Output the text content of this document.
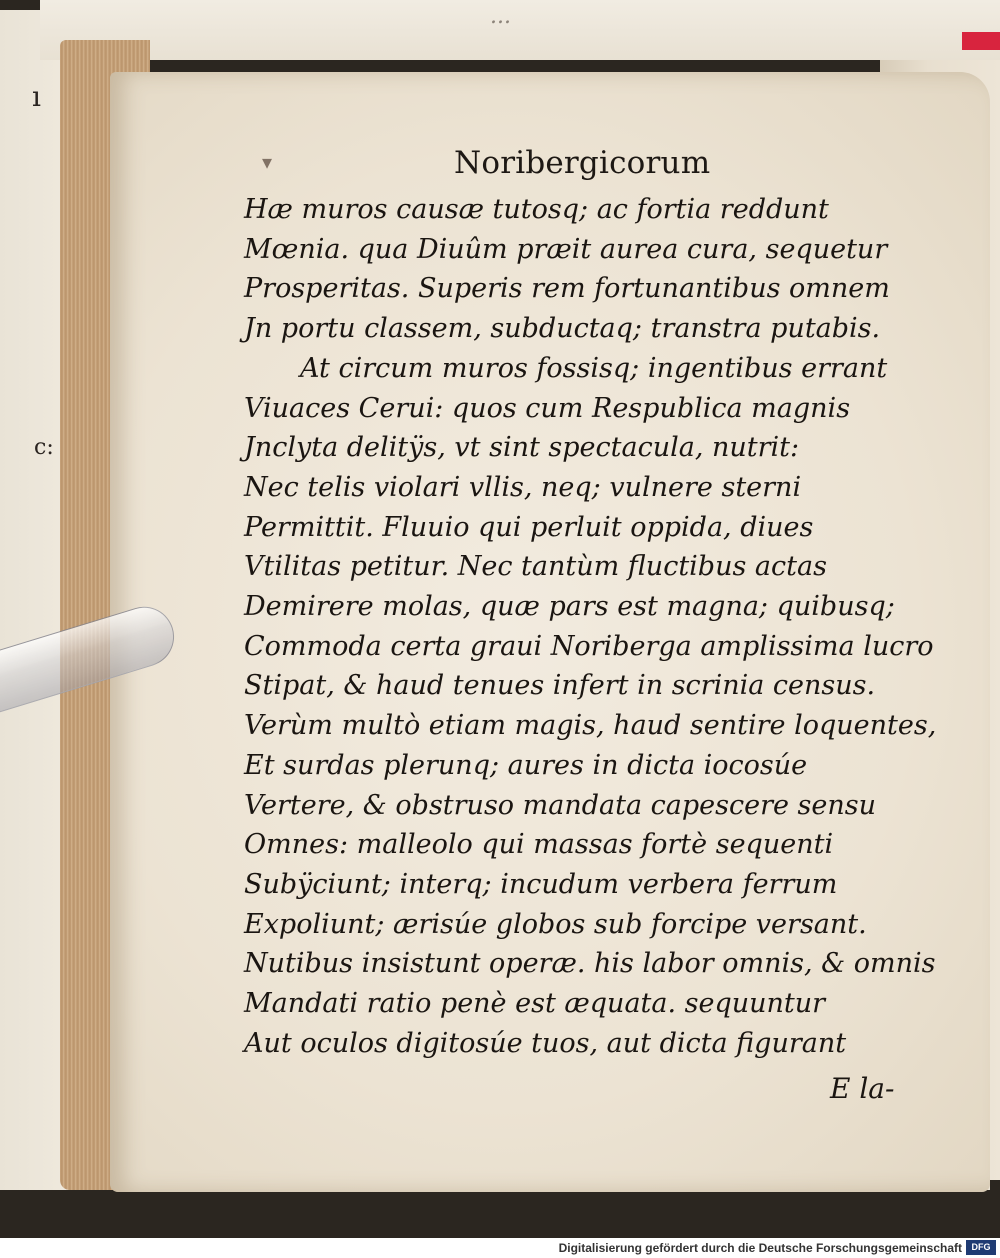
ı
c:
...
▾	Noribergicorum
Hæ muros causæ tutosq; ac fortia reddunt
Mœnia. qua Diuûm præit aurea cura, sequetur
Prosperitas. Superis rem fortunantibus omnem
Jn portu classem, subductaq; transtra putabis.
At circum muros fossisq; ingentibus errant
Viuaces Cerui: quos cum Respublica magnis
Jnclyta delitÿs, vt sint spectacula, nutrit:
Nec telis violari vllis, neq; vulnere sterni
Permittit. Fluuio qui perluit oppida, diues
Vtilitas petitur. Nec tantùm fluctibus actas
Demirere molas, quæ pars est magna; quibusq;
Commoda certa graui Noriberga amplissima lucro
Stipat, & haud tenues infert in scrinia census.
Verùm multò etiam magis, haud sentire loquentes,
Et surdas plerunq; aures in dicta iocosúe
Vertere, & obstruso mandata capescere sensu
Omnes: malleolo qui massas fortè sequenti
Subÿciunt; interq; incudum verbera ferrum
Expoliunt; ærisúe globos sub forcipe versant.
Nutibus insistunt operæ. his labor omnis, & omnis
Mandati ratio penè est æquata. sequuntur
Aut oculos digitosúe tuos, aut dicta figurant
E la-
Digitalisierung gefördert durch die Deutsche Forschungsgemeinschaft	DFG
